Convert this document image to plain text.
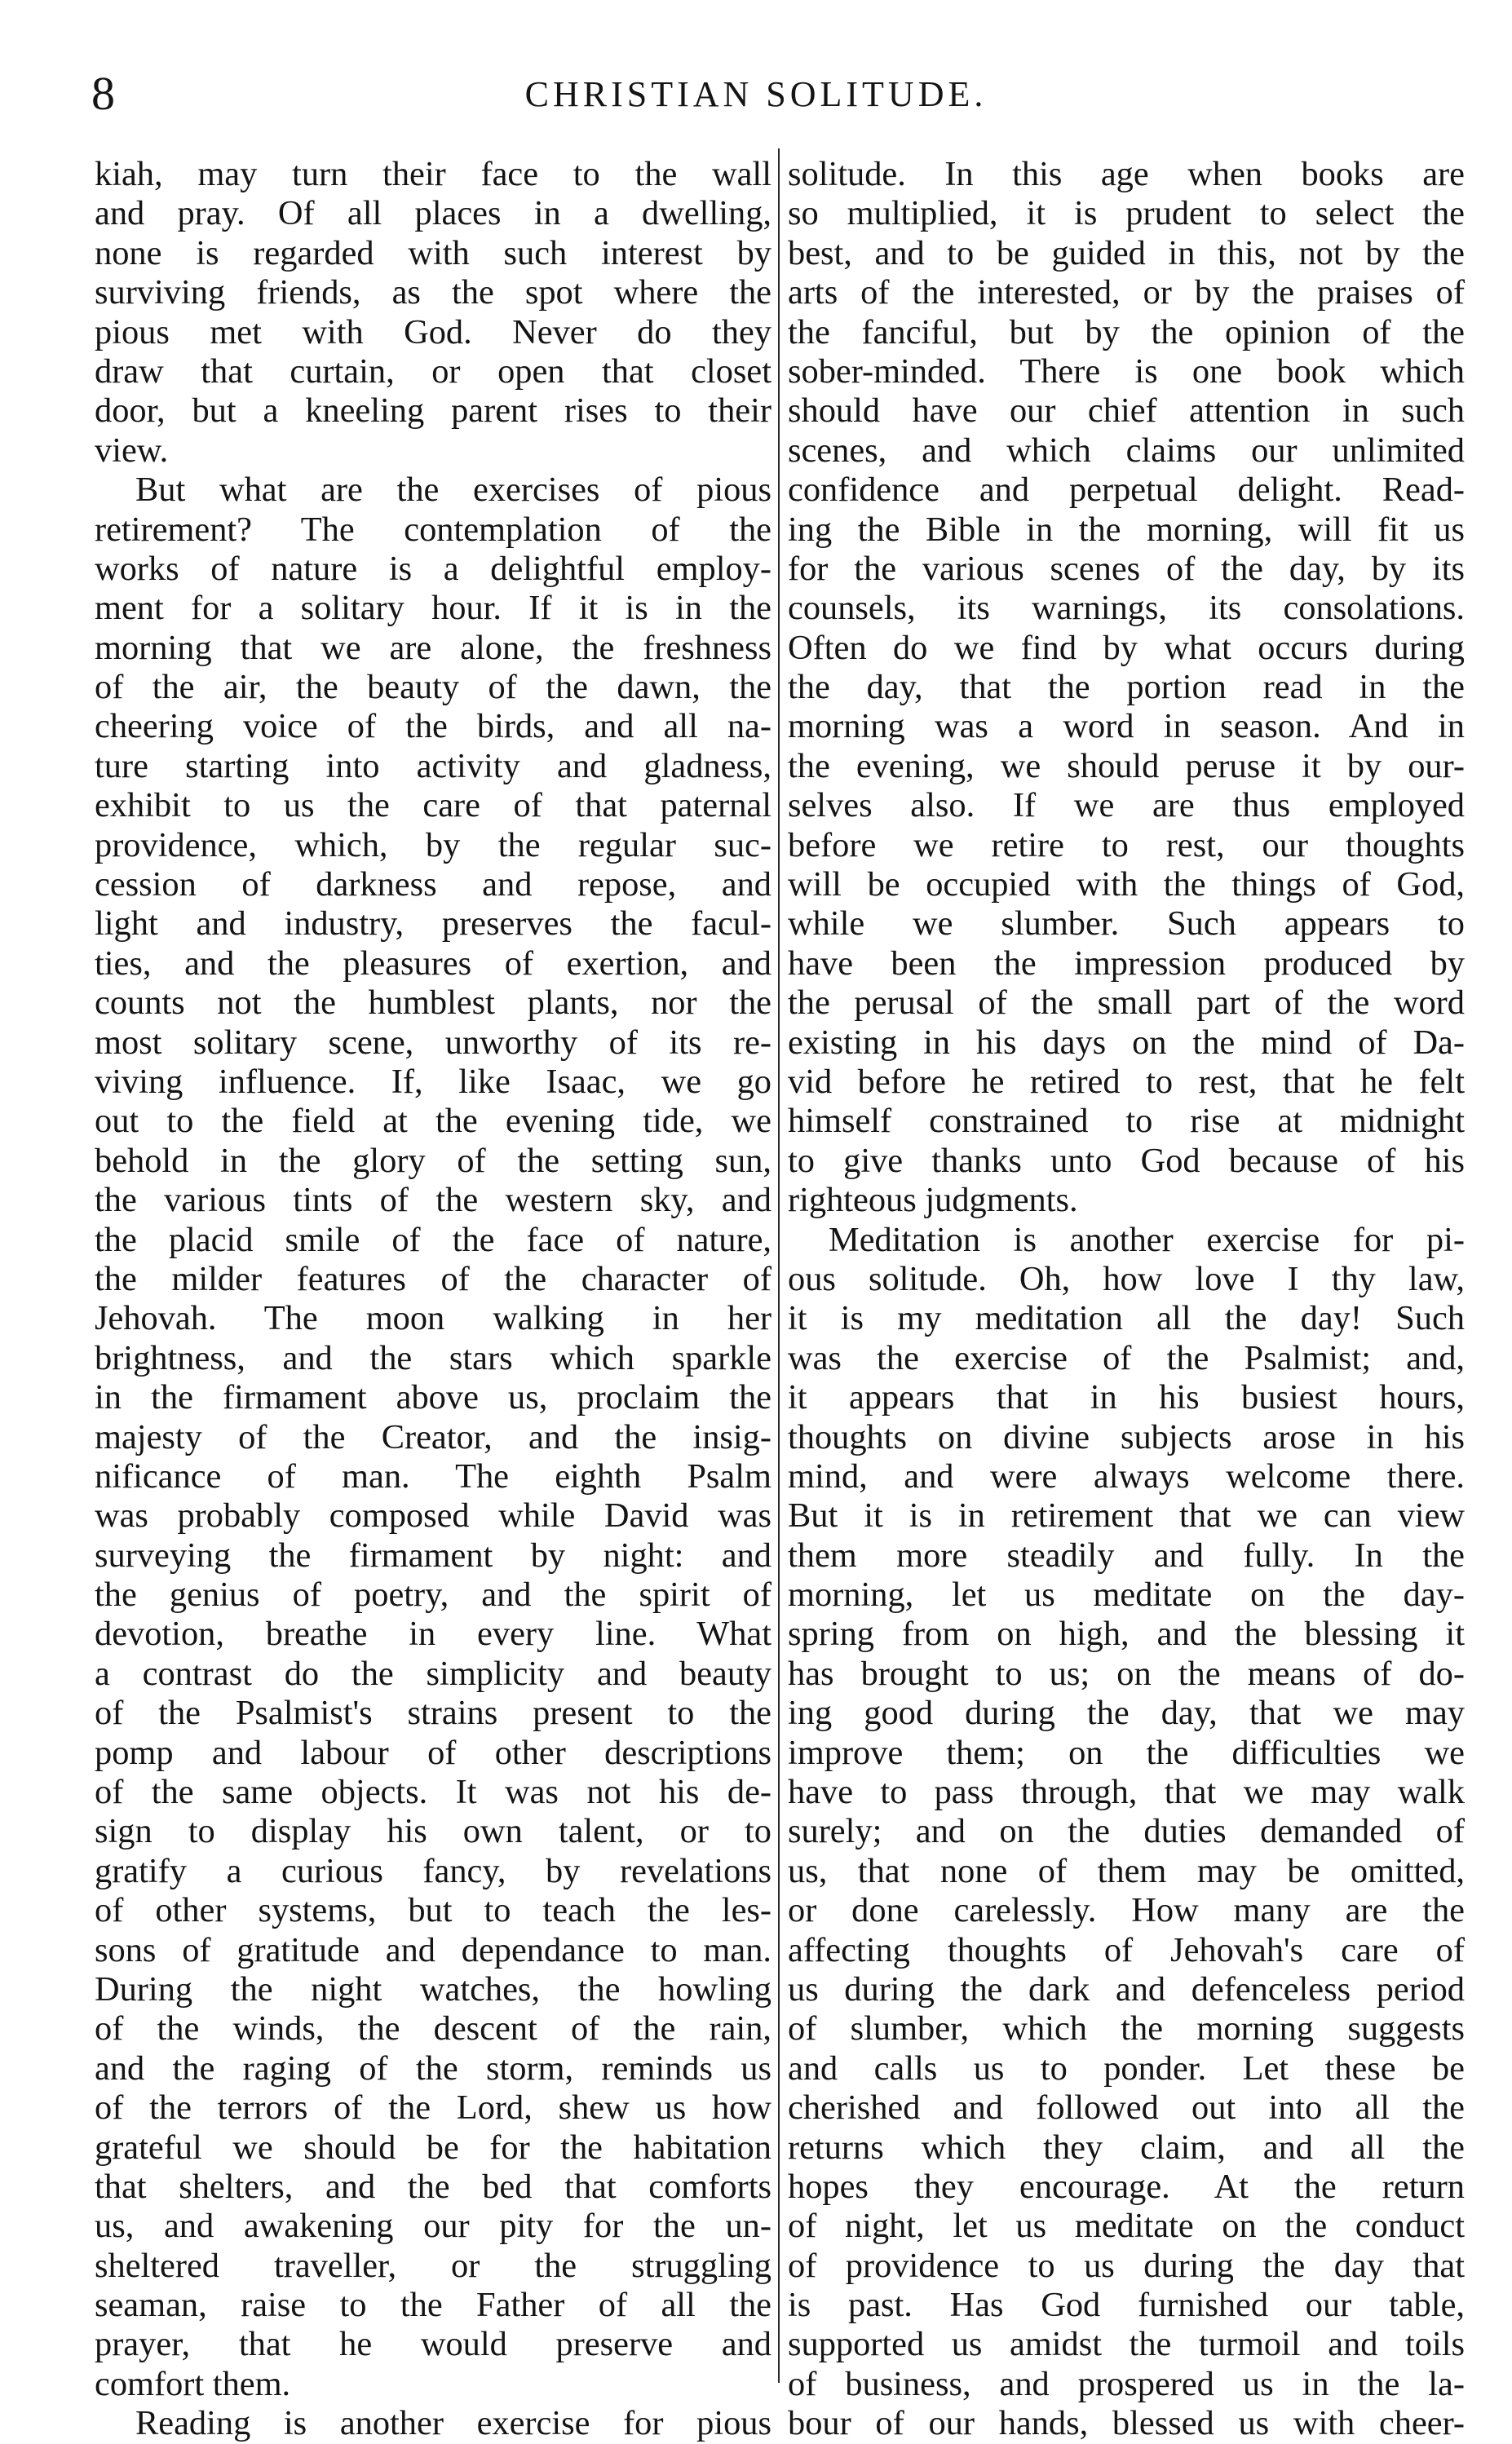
8	CHRISTIAN SOLITUDE.
kiah, may turn their face to the wall
and pray. Of all places in a dwelling,
none is regarded with such interest by
surviving friends, as the spot where the
pious met with God. Never do they
draw that curtain, or open that closet
door, but a kneeling parent rises to their
view.
But what are the exercises of pious
retirement? The contemplation of the
works of nature is a delightful employ-
ment for a solitary hour. If it is in the
morning that we are alone, the freshness
of the air, the beauty of the dawn, the
cheering voice of the birds, and all na-
ture starting into activity and gladness,
exhibit to us the care of that paternal
providence, which, by the regular suc-
cession of darkness and repose, and
light and industry, preserves the facul-
ties, and the pleasures of exertion, and
counts not the humblest plants, nor the
most solitary scene, unworthy of its re-
viving influence. If, like Isaac, we go
out to the field at the evening tide, we
behold in the glory of the setting sun,
the various tints of the western sky, and
the placid smile of the face of nature,
the milder features of the character of
Jehovah. The moon walking in her
brightness, and the stars which sparkle
in the firmament above us, proclaim the
majesty of the Creator, and the insig-
nificance of man. The eighth Psalm
was probably composed while David was
surveying the firmament by night: and
the genius of poetry, and the spirit of
devotion, breathe in every line. What
a contrast do the simplicity and beauty
of the Psalmist's strains present to the
pomp and labour of other descriptions
of the same objects. It was not his de-
sign to display his own talent, or to
gratify a curious fancy, by revelations
of other systems, but to teach the les-
sons of gratitude and dependance to man.
During the night watches, the howling
of the winds, the descent of the rain,
and the raging of the storm, reminds us
of the terrors of the Lord, shew us how
grateful we should be for the habitation
that shelters, and the bed that comforts
us, and awakening our pity for the un-
sheltered traveller, or the struggling
seaman, raise to the Father of all the
prayer, that he would preserve and
comfort them.
Reading is another exercise for pious
solitude. In this age when books are
so multiplied, it is prudent to select the
best, and to be guided in this, not by the
arts of the interested, or by the praises of
the fanciful, but by the opinion of the
sober-minded. There is one book which
should have our chief attention in such
scenes, and which claims our unlimited
confidence and perpetual delight. Read-
ing the Bible in the morning, will fit us
for the various scenes of the day, by its
counsels, its warnings, its consolations.
Often do we find by what occurs during
the day, that the portion read in the
morning was a word in season. And in
the evening, we should peruse it by our-
selves also. If we are thus employed
before we retire to rest, our thoughts
will be occupied with the things of God,
while we slumber. Such appears to
have been the impression produced by
the perusal of the small part of the word
existing in his days on the mind of Da-
vid before he retired to rest, that he felt
himself constrained to rise at midnight
to give thanks unto God because of his
righteous judgments.
Meditation is another exercise for pi-
ous solitude. Oh, how love I thy law,
it is my meditation all the day! Such
was the exercise of the Psalmist; and,
it appears that in his busiest hours,
thoughts on divine subjects arose in his
mind, and were always welcome there.
But it is in retirement that we can view
them more steadily and fully. In the
morning, let us meditate on the day-
spring from on high, and the blessing it
has brought to us; on the means of do-
ing good during the day, that we may
improve them; on the difficulties we
have to pass through, that we may walk
surely; and on the duties demanded of
us, that none of them may be omitted,
or done carelessly. How many are the
affecting thoughts of Jehovah's care of
us during the dark and defenceless period
of slumber, which the morning suggests
and calls us to ponder. Let these be
cherished and followed out into all the
returns which they claim, and all the
hopes they encourage. At the return
of night, let us meditate on the conduct
of providence to us during the day that
is past. Has God furnished our table,
supported us amidst the turmoil and toils
of business, and prospered us in the la-
bour of our hands, blessed us with cheer-
